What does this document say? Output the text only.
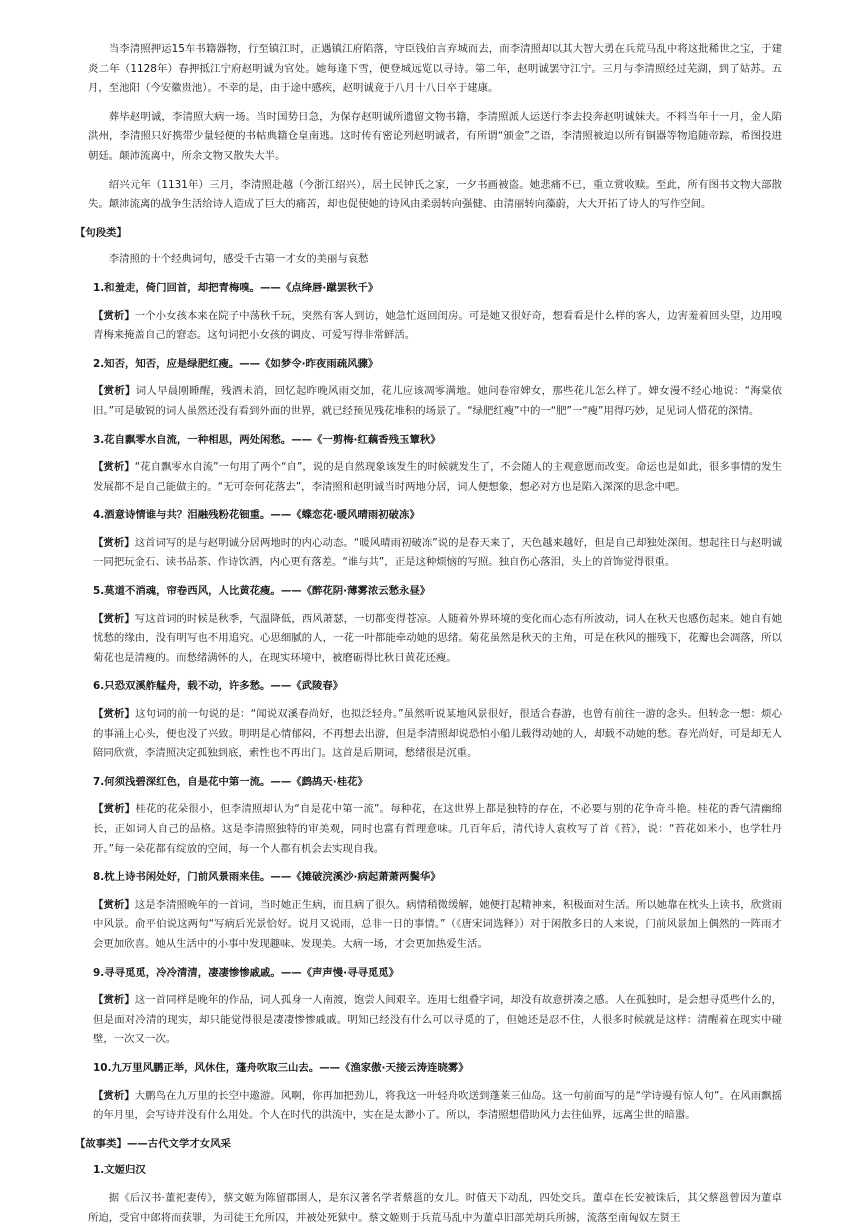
当李清照押运15车书籍器物，行至镇江时，正遇镇江府陷落，守臣钱伯言弃城而去，而李清照却以其大智大勇在兵荒马乱中将这批稀世之宝，于建炎二年（1128年）春押抵江宁府赵明诚为官处。她每逢下雪，便登城远览以寻诗。第二年，赵明诚罢守江宁。三月与李清照经过芜湖，到了姑苏。五月，至池阳（今安徽贵池）。不幸的是，由于途中感疾，赵明诚竟于八月十八日卒于建康。

葬毕赵明诚，李清照大病一场。当时国势日急，为保存赵明诚所遗留文物书籍，李清照派人运送行李去投奔赵明诚妹夫。不料当年十一月，金人陷洪州，李清照只好携带少量轻便的书帖典籍仓皇南逃。这时传有密论列赵明诚者，有所谓“颁金”之语，李清照被迫以所有铜器等物追随帝踪，希图投进朝廷。颠沛流离中，所余文物又散失大半。

绍兴元年（1131年）三月，李清照赴越（今浙江绍兴），居土民钟氏之家，一夕书画被盗。她悲痛不已，重立赏收赎。至此，所有图书文物大部散失。颠沛流离的战争生活给诗人造成了巨大的痛苦，却也促使她的诗风由柔弱转向强健、由清丽转向藻蔚，大大开拓了诗人的写作空间。

【句段类】

李清照的十个经典词句，感受千古第一才女的美丽与哀愁

1.和羞走，倚门回首，却把青梅嗅。——《点绛唇·蹴罢秋千》

【赏析】一个小女孩本来在院子中荡秋千玩，突然有客人到访，她急忙返回闺房。可是她又很好奇，想看看是什么样的客人，边害羞着回头望，边用嗅青梅来掩盖自己的窘态。这句词把小女孩的调皮、可爱写得非常鲜活。

2.知否，知否，应是绿肥红瘦。——《如梦令·昨夜雨疏风骤》

【赏析】词人早晨刚睡醒，残酒未消，回忆起昨晚风雨交加，花儿应该凋零满地。她问卷帘婢女，那些花儿怎么样了。婢女漫不经心地说：“海棠依旧。”可是敏锐的词人虽然还没有看到外面的世界，就已经预见残花堆积的场景了。“绿肥红瘦”中的一“肥”一“瘦”用得巧妙，足见词人惜花的深情。

3.花自飘零水自流，一种相思，两处闲愁。——《一剪梅·红藕香残玉簟秋》

【赏析】“花自飘零水自流”一句用了两个“自”，说的是自然现象该发生的时候就发生了，不会随人的主观意愿而改变。命运也是如此，很多事情的发生发展都不是自己能做主的。“无可奈何花落去”，李清照和赵明诚当时两地分居，词人便想象，想必对方也是陷入深深的思念中吧。

4.酒意诗情谁与共？泪融残粉花钿重。——《蝶恋花·暖风晴雨初破冻》

【赏析】这首词写的是与赵明诚分居两地时的内心动态。“暖风晴雨初破冻”说的是春天来了，天色越来越好，但是自己却独处深闺。想起往日与赵明诚一同把玩金石、读书品茶、作诗饮酒，内心更有落差。“谁与共”，正是这种烦恼的写照。独自伤心落泪，头上的首饰觉得很重。

5.莫道不消魂，帘卷西风，人比黄花瘦。——《醉花阴·薄雾浓云愁永昼》

【赏析】写这首词的时候是秋季，气温降低，西风萧瑟，一切都变得苍凉。人随着外界环境的变化而心态有所波动，词人在秋天也感伤起来。她自有她忧愁的缘由，没有明写也不用追究。心思细腻的人，一花一叶都能牵动她的思绪。菊花虽然是秋天的主角，可是在秋风的摧残下，花瓣也会凋落，所以菊花也是清瘦的。而愁绪满怀的人，在现实环境中，被磨砺得比秋日黄花还瘦。

6.只恐双溪舴艋舟，载不动，许多愁。——《武陵春》

【赏析】这句词的前一句说的是：“闻说双溪春尚好，也拟泛轻舟。”虽然听说某地风景很好，很适合春游，也曾有前往一游的念头。但转念一想：烦心的事涌上心头，便也没了兴致。明明是心情郁闷，不再想去出游，但是李清照却说恐怕小船儿载得动她的人，却载不动她的愁。春光尚好，可是却无人陪同欣赏，李清照决定孤独到底，索性也不再出门。这首是后期词，愁绪很是沉重。

7.何须浅碧深红色，自是花中第一流。——《鹧鸪天·桂花》

【赏析】桂花的花朵很小，但李清照却认为“自是花中第一流”。每种花，在这世界上都是独特的存在，不必要与别的花争奇斗艳。桂花的香气清幽绵长，正如词人自己的品格。这是李清照独特的审美观，同时也富有哲理意味。几百年后，清代诗人袁枚写了首《苔》，说：“苔花如米小，也学牡丹开。”每一朵花都有绽放的空间，每一个人都有机会去实现自我。

8.枕上诗书闲处好，门前风景雨来佳。——《摊破浣溪沙·病起萧萧两鬓华》

【赏析】这是李清照晚年的一首词，当时她正生病，而且病了很久。病情稍微缓解，她便打起精神来，积极面对生活。所以她靠在枕头上读书，欣赏雨中风景。俞平伯说这两句“写病后光景恰好。说月又说雨，总非一日的事情。”（《唐宋词选释》）对于闲散多日的人来说，门前风景加上偶然的一阵雨才会更加欣喜。她从生活中的小事中发现趣味、发现美。大病一场，才会更加热爱生活。

9.寻寻觅觅，冷冷清清，凄凄惨惨戚戚。——《声声慢·寻寻觅觅》

【赏析】这一首同样是晚年的作品，词人孤身一人南渡，饱尝人间艰辛。连用七组叠字词，却没有故意拼凑之感。人在孤独时，是会想寻觅些什么的，但是面对冷清的现实，却只能觉得很是凄凄惨惨戚戚。明知已经没有什么可以寻觅的了，但她还是忍不住，人很多时候就是这样：清醒着在现实中碰壁，一次又一次。

10.九万里风鹏正举，风休住，蓬舟吹取三山去。——《渔家傲·天接云涛连晓雾》

【赏析】大鹏鸟在九万里的长空中遨游。风啊，你再加把劲儿，将我这一叶轻舟吹送到蓬莱三仙岛。这一句前面写的是“学诗谩有惊人句”。在风雨飘摇的年月里，会写诗并没有什么用处。个人在时代的洪流中，实在是太渺小了。所以，李清照想借助风力去往仙界，远离尘世的暗嚣。

【故事类】——古代文学才女风采
1.文姬归汉

据《后汉书·董祀妻传》，蔡文姬为陈留郡圉人，是东汉著名学者蔡邕的女儿。时值天下动乱，四处交兵。董卓在长安被诛后，其父蔡邕曾因为董卓所迫，受官中郎将而获罪，为司徒王允所囚，并被处死狱中。蔡文姬则于兵荒马乱中为董卓旧部羌胡兵所掳，流落至南匈奴左贤王
